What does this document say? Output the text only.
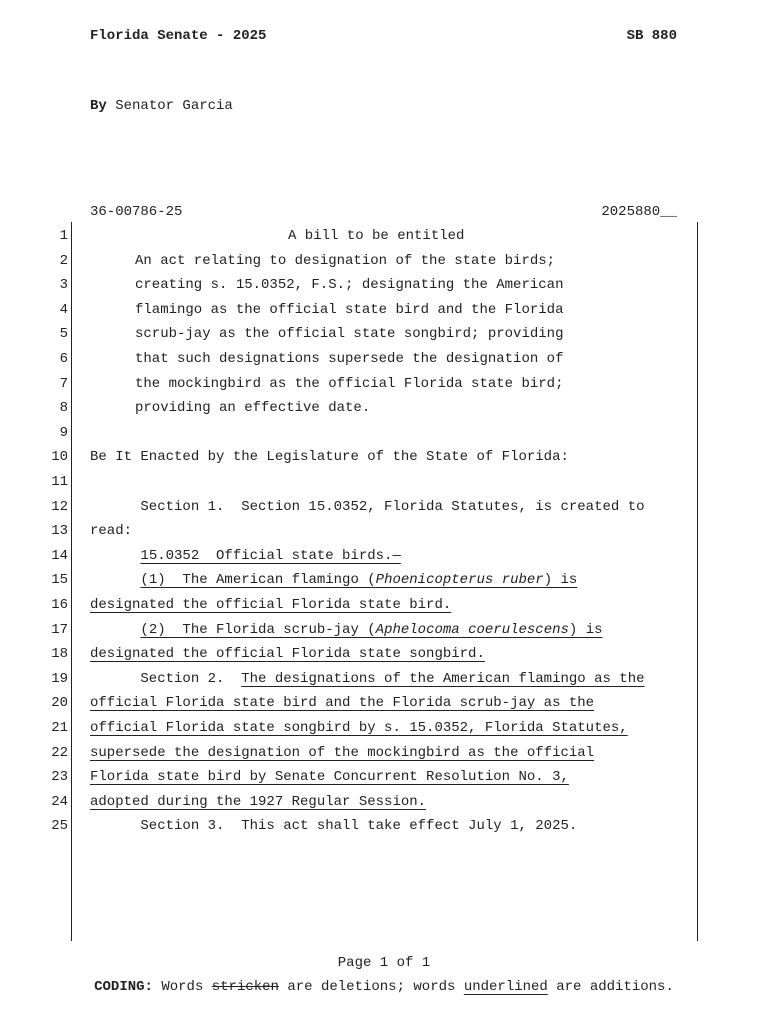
Florida Senate - 2025	SB 880
By Senator Garcia
36-00786-25	2025880__
1	A bill to be entitled
2	An act relating to designation of the state birds;
3	creating s. 15.0352, F.S.; designating the American
4	flamingo as the official state bird and the Florida
5	scrub-jay as the official state songbird; providing
6	that such designations supersede the designation of
7	the mockingbird as the official Florida state bird;
8	providing an effective date.
9
10 Be It Enacted by the Legislature of the State of Florida:
11
12 Section 1.  Section 15.0352, Florida Statutes, is created to
13 read:
14	15.0352  Official state birds.—
15	(1)  The American flamingo (Phoenicopterus ruber) is
16 designated the official Florida state bird.
17	(2)  The Florida scrub-jay (Aphelocoma coerulescens) is
18 designated the official Florida state songbird.
19 Section 2.  The designations of the American flamingo as the
20 official Florida state bird and the Florida scrub-jay as the
21 official Florida state songbird by s. 15.0352, Florida Statutes,
22 supersede the designation of the mockingbird as the official
23 Florida state bird by Senate Concurrent Resolution No. 3,
24 adopted during the 1927 Regular Session.
25 Section 3.  This act shall take effect July 1, 2025.
Page 1 of 1
CODING: Words stricken are deletions; words underlined are additions.
